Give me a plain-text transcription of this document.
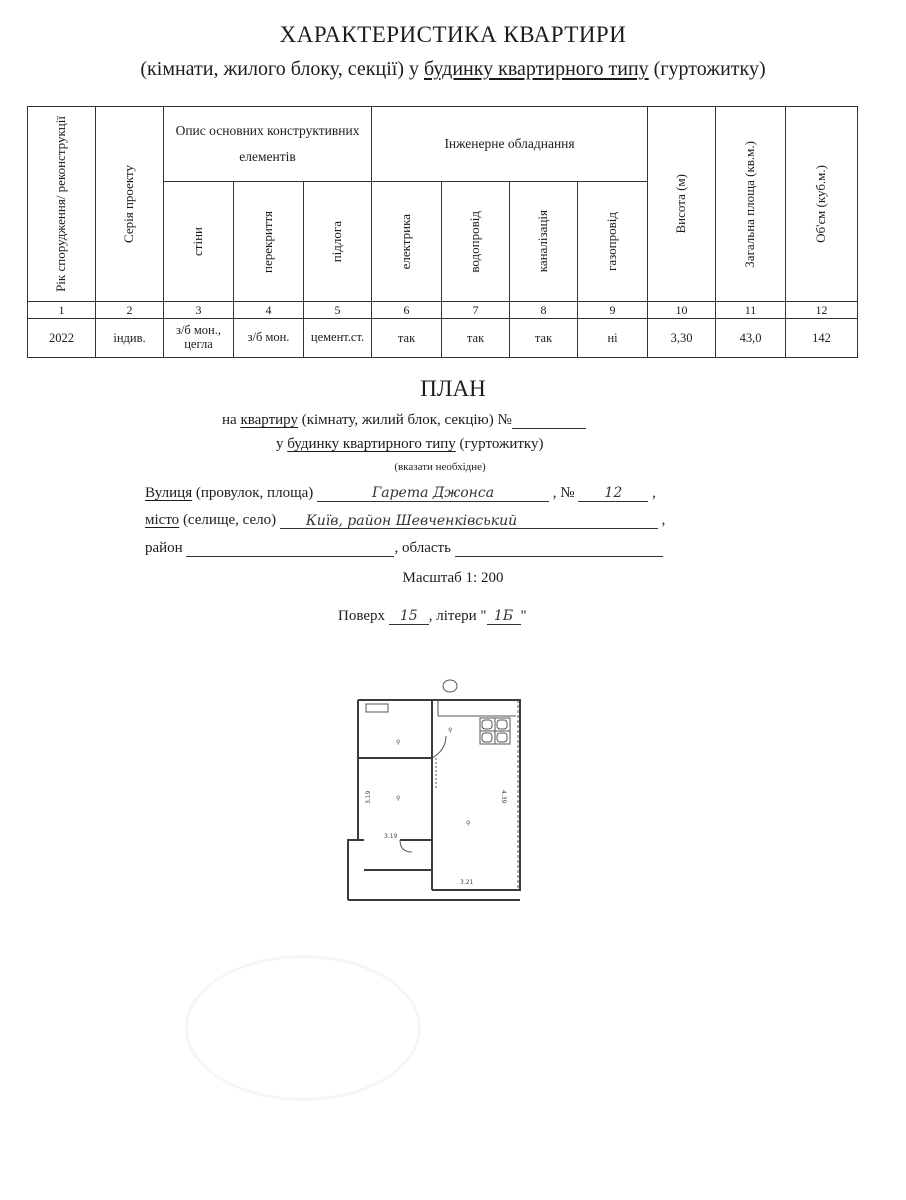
ХАРАКТЕРИСТИКА КВАРТИРИ
(кімнати, жилого блоку, секції) у будинку квартирного типу (гуртожитку)
Рік спорудження/ реконструкції	Серія проекту	Опис основних конструктивних елементів			Інженерне обладнання				Висота (м)	Загальна площа (кв.м.)	Об'єм (куб.м.)

		стіни	перекриття	підлога	електрика	водопровід	каналізація	газопровід			

1	2	3	4	5	6	7	8	9	10	11	12
2022	індив.	з/б мон., цегла	з/б мон.	цемент.ст.	так	так	так	ні	3,30	43,0	142
ПЛАН
на квартиру (кімнату, жилий блок, секцію) №
у будинку квартирного типу (гуртожитку)
(вказати необхідне)
Вулиця (провулок, площа)	Гарета Джонса	, № 12 ,
місто (селище, село) Київ, район Шевченківський	,
район	, область
Масштаб 1: 200
Поверх 15 , літери " 1Б "
⚲
⚲
⚲
⚲
3.19
3.19
4.39
3.21
